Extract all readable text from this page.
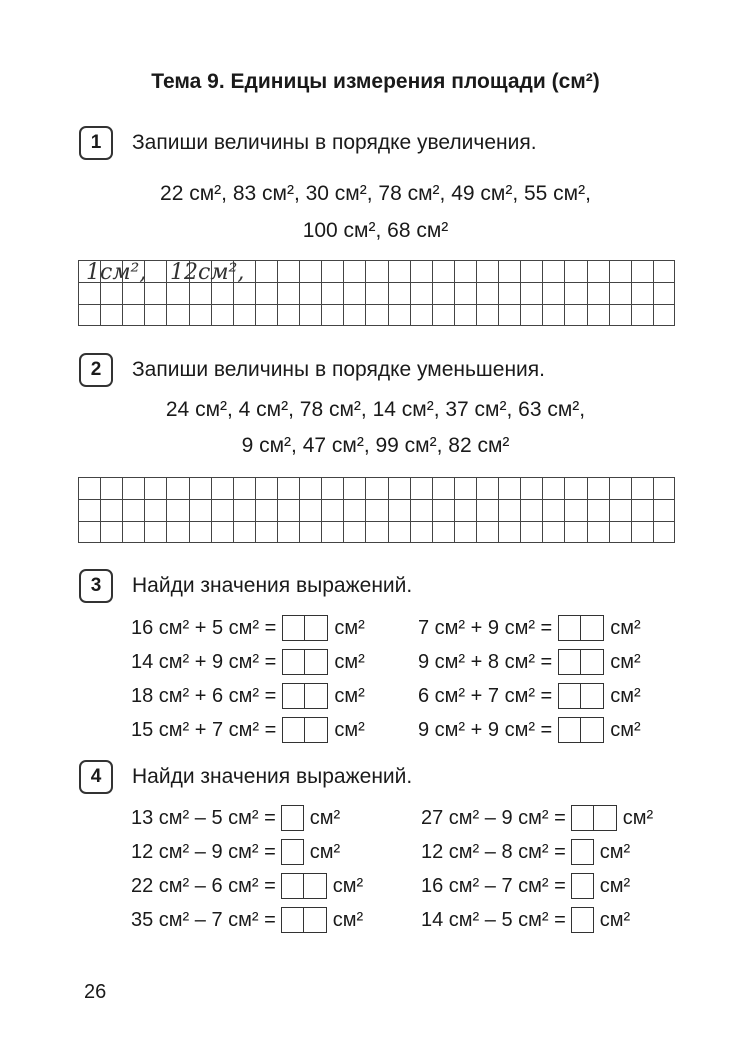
Тема 9. Единицы измерения площади (см²)
1	Запиши величины в порядке увеличения.
22 см², 83 см², 30 см², 78 см², 49 см², 55 см²,
100 см², 68 см²
1см², 12см²,
2	Запиши величины в порядке уменьшения.
24 см², 4 см², 78 см², 14 см², 37 см², 63 см²,
9 см², 47 см², 99 см², 82 см²
3	Найди значения выражений.
16 см² + 5 см² =	см²
14 см² + 9 см² =	см²
18 см² + 6 см² =	см²
15 см² + 7 см² =	см²
7 см² + 9 см² =	см²
9 см² + 8 см² =	см²
6 см² + 7 см² =	см²
9 см² + 9 см² =	см²
4	Найди значения выражений.
13 см² – 5 см² = см²
12 см² – 9 см² = см²
22 см² – 6 см² =	см²
35 см² – 7 см² =	см²
27 см² – 9 см² =	см²
12 см² – 8 см² = см²
16 см² – 7 см² = см²
14 см² – 5 см² = см²
26
